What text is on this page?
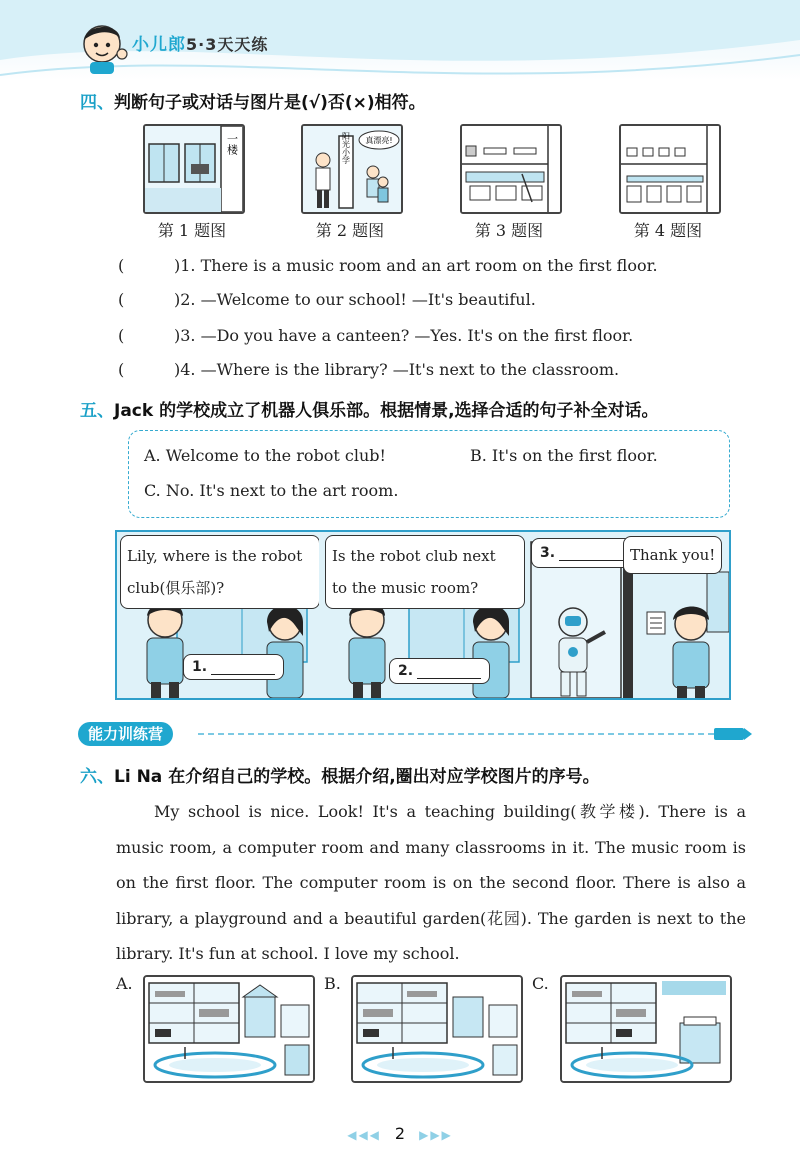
小儿郎5·3天天练
四、判断句子或对话与图片是(√)否(×)相符。
一楼	阳光小学 真漂亮!
第 1 题图	第 2 题图	第 3 题图	第 4 题图
(	)1. There is a music room and an art room on the first floor.
(	)2. —Welcome to our school! —It's beautiful.
(	)3. —Do you have a canteen? —Yes. It's on the first floor.
(	)4. —Where is the library? —It's next to the classroom.
五、Jack 的学校成立了机器人俱乐部。根据情景,选择合适的句子补全对话。
A. Welcome to the robot club!	B. It's on the first floor.
C. No. It's next to the art room.
Lily, where is the robot
club(俱乐部)?
1.
Is the robot club next
to the music room?
2.
3.	Thank you!
能力训练营
六、Li Na 在介绍自己的学校。根据介绍,圈出对应学校图片的序号。
My school is nice. Look! It's a teaching building(教学楼). There is a music room, a computer room and many classrooms in it. The music room is on the first floor. The computer room is on the second floor. There is also a library, a playground and a beautiful garden(花园). The garden is next to the library. It's fun at school. I love my school.
A.	B.	C.
◀◀◀ 2 ▶▶▶
